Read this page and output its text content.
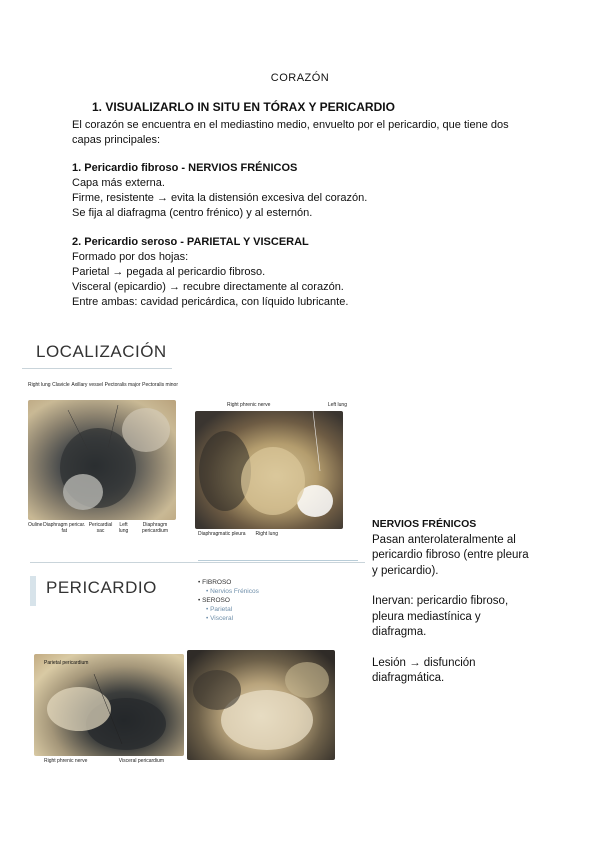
CORAZÓN
1. VISUALIZARLO IN SITU EN TÓRAX Y PERICARDIO
El corazón se encuentra en el mediastino medio, envuelto por el pericardio, que tiene dos capas principales:
1. Pericardio fibroso - NERVIOS FRÉNICOS
Capa más externa.
Firme, resistente → evita la distensión excesiva del corazón.
Se fija al diafragma (centro frénico) y al esternón.
2. Pericardio seroso - PARIETAL Y VISCERAL
Formado por dos hojas:
Parietal → pegada al pericardio fibroso.
Visceral (epicardio) → recubre directamente al corazón.
Entre ambas: cavidad pericárdica, con líquido lubricante.
LOCALIZACIÓN
Right lung Clavicle Axillary vessel Pectoralis major Pectoralis minor
Ouline Diaphragm pericar. fat
Pericardial sac
Left lung
Diaphragm pericardium
Right phrenic nerve	Left lung
Diaphragmatic pleura Right lung
NERVIOS FRÉNICOS
Pasan anterolateralmente al pericardio fibroso (entre pleura y pericardio).
Inervan: pericardio fibroso, pleura mediastínica y diafragma.
Lesión → disfunción diafragmática.
PERICARDIO	• FIBROSO
• Nervios Frénicos
• SEROSO
• Parietal
• Visceral
Parietal pericardium
Right phrenic nerve	Visceral pericardium
